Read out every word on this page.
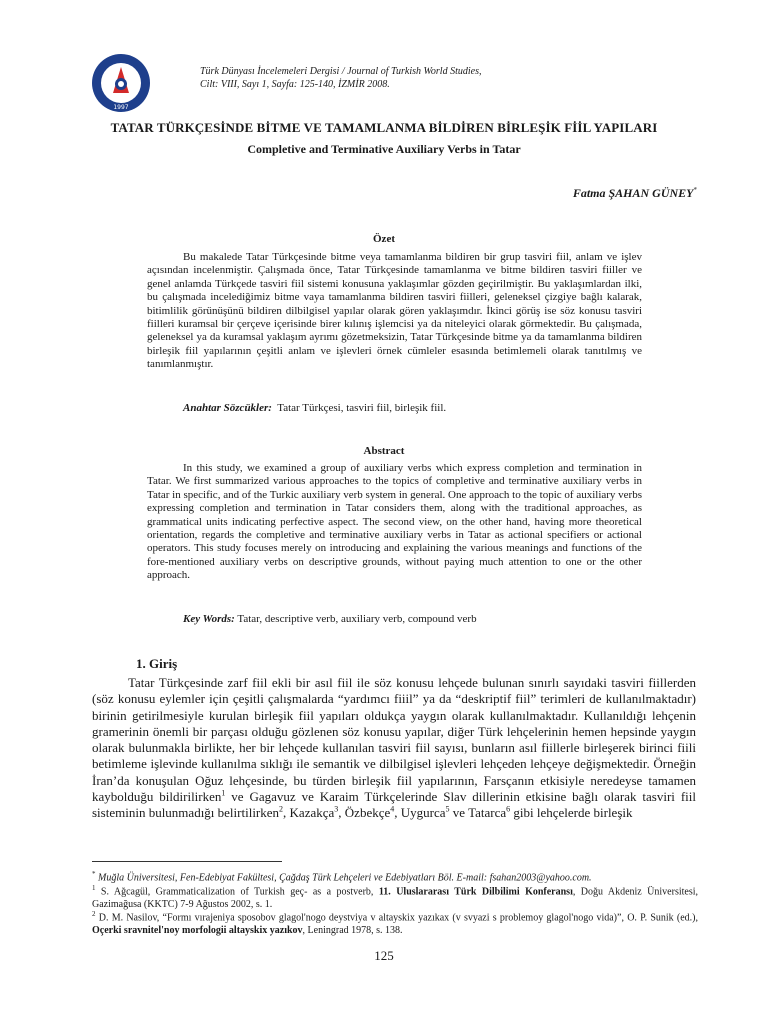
1997
Türk Dünyası İncelemeleri Dergisi / Journal of Turkish World Studies,
Cilt: VIII, Sayı 1, Sayfa: 125-140, İZMİR 2008.
TATAR TÜRKÇESİNDE BİTME VE TAMAMLANMA BİLDİREN BİRLEŞİK FİİL YAPILARI
Completive and Terminative Auxiliary Verbs in Tatar
Fatma ŞAHAN GÜNEY*
Özet

Bu makalede Tatar Türkçesinde bitme veya tamamlanma bildiren bir grup tasviri fiil, anlam ve işlev açısından incelenmiştir. Çalışmada önce, Tatar Türkçesinde tamamlanma ve bitme bildiren tasviri fiiller ve genel anlamda Türkçede tasviri fiil sistemi konusuna yaklaşımlar gözden geçirilmiştir. Bu yaklaşımlardan ilki, bu çalışmada incelediğimiz bitme vaya tamamlanma bildiren tasviri fiilleri, geleneksel çizgiye bağlı kalarak, bitimlilik görünüşünü bildiren dilbilgisel yapılar olarak gören yaklaşımdır. İkinci görüş ise söz konusu tasviri fiilleri kuramsal bir çerçeve içerisinde birer kılınış işlemcisi ya da niteleyici olarak görmektedir. Bu çalışmada, geleneksel ya da kuramsal yaklaşım ayrımı gözetmeksizin, Tatar Türkçesinde bitme ya da tamamlanma bildiren birleşik fiil yapılarının çeşitli anlam ve işlevleri örnek cümleler esasında betimlemeli olarak tanıtılmış ve tanımlanmıştır.

Anahtar Sözcükler: Tatar Türkçesi, tasviri fiil, birleşik fiil.
Abstract

In this study, we examined a group of auxiliary verbs which express completion and termination in Tatar. We first summarized various approaches to the topics of completive and terminative auxiliary verbs in Tatar in specific, and of the Turkic auxiliary verb system in general. One approach to the topic of auxiliary verbs expressing completion and termination in Tatar considers them, along with the traditional approaches, as grammatical units indicating perfective aspect. The second view, on the other hand, having more theoretical orientation, regards the completive and terminative auxiliary verbs in Tatar as actional specifiers or actional operators. This study focuses merely on introducing and explaining the various meanings and functions of the fore-mentioned auxiliary verbs on descriptive grounds, without paying much attention to one or the other approach.

Key Words: Tatar, descriptive verb, auxiliary verb, compound verb
1. Giriş

Tatar Türkçesinde zarf fiil ekli bir asıl fiil ile söz konusu lehçede bulunan sınırlı sayıdaki tasviri fiillerden (söz konusu eylemler için çeşitli çalışmalarda “yardımcı fiiil” ya da “deskriptif fiil” terimleri de kullanılmaktadır) birinin getirilmesiyle kurulan birleşik fiil yapıları oldukça yaygın olarak kullanılmaktadır. Kullanıldığı lehçenin gramerinin önemli bir parçası olduğu gözlenen söz konusu yapılar, diğer Türk lehçelerinin hemen hepsinde yaygın olarak bulunmakla birlikte, her bir lehçede kullanılan tasviri fiil sayısı, bunların asıl fiillerle birleşerek birinci fiili betimleme işlevinde kullanılma sıklığı ile semantik ve dilbilgisel işlevleri lehçeden lehçeye değişmektedir. Örneğin İran’da konuşulan Oğuz lehçesinde, bu türden birleşik fiil yapılarının, Farsçanın etkisiyle neredeyse tamamen kaybolduğu bildirilirken$^1$ ve Gagavuz ve Karaim Türkçelerinde Slav dillerinin etkisine bağlı olarak tasviri fiil sisteminin bulunmadığı belirtilirken$^2$, Kazakça$^3$, Özbekçe$^4$, Uygurca$^5$ ve Tatarca$^6$ gibi lehçelerde birleşik

* Muğla Üniversitesi, Fen-Edebiyat Fakültesi, Çağdaş Türk Lehçeleri ve Edebiyatları Böl. E-mail: fsahan2003@yahoo.com.
$^1$ S. Ağcagül, Grammaticalization of Turkish geç- as a postverb, 11. Uluslararası Türk Dilbilimi Konferansı, Doğu Akdeniz Üniversitesi, Gazimağusa (KKTC) 7-9 Ağustos 2002, s. 1.
$^2$ D. M. Nasilov, “Formı vırajeniya sposobov glagol'nogo deystviya v altayskix yazıkax (v svyazi s problemoy glagol'nogo vida)”, O. P. Sunik (ed.), Oçerki sravnitel'noy morfologii altayskix yazıkov, Leningrad 1978, s. 138.
125
